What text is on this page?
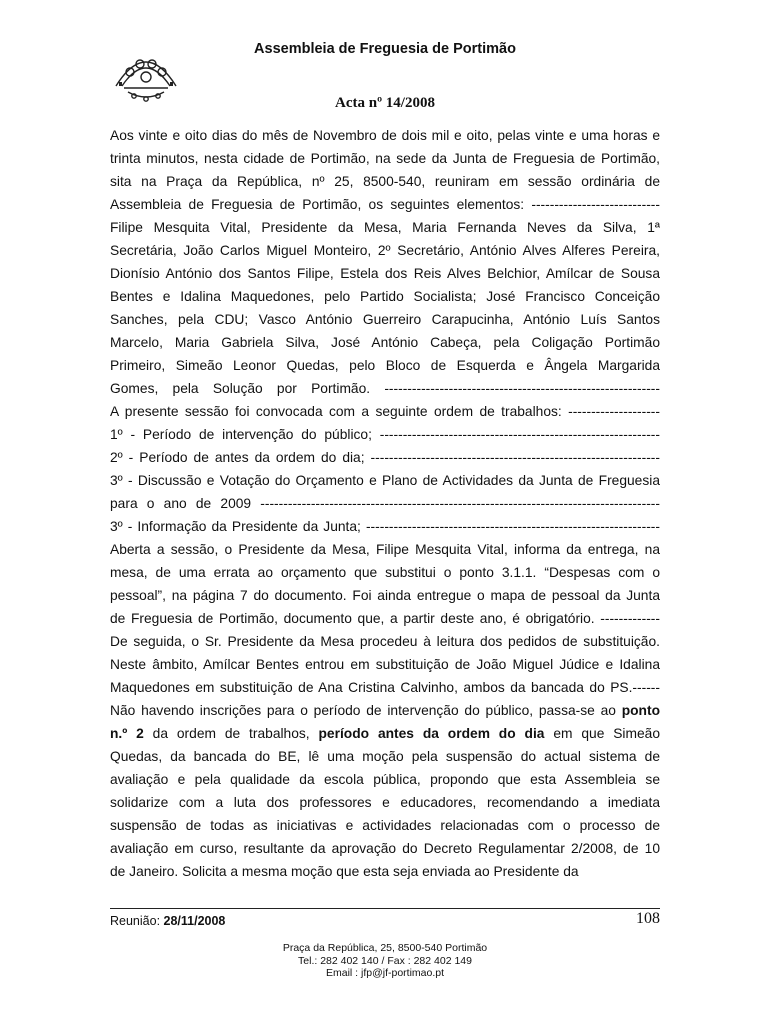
Assembleia de Freguesia de Portimão
Acta nº 14/2008
Aos vinte e oito dias do mês de Novembro de dois mil e oito, pelas vinte e uma horas e
trinta minutos, nesta cidade de Portimão, na sede da Junta de Freguesia de Portimão,
sita na Praça da República, nº 25, 8500-540, reuniram em sessão ordinária de
Assembleia de Freguesia de Portimão, os seguintes elementos: ----------------------------
Filipe Mesquita Vital, Presidente da Mesa, Maria Fernanda Neves da Silva, 1ª
Secretária, João Carlos Miguel Monteiro, 2º Secretário, António Alves Alferes Pereira,
Dionísio António dos Santos Filipe, Estela dos Reis Alves Belchior, Amílcar de Sousa
Bentes e Idalina Maquedones, pelo Partido Socialista; José Francisco Conceição
Sanches, pela CDU; Vasco António Guerreiro Carapucinha, António Luís Santos
Marcelo, Maria Gabriela Silva, José António Cabeça, pela Coligação Portimão
Primeiro, Simeão Leonor Quedas, pelo Bloco de Esquerda e Ângela Margarida
Gomes, pela Solução por Portimão. ------------------------------------------------------------
A presente sessão foi convocada com a seguinte ordem de trabalhos: --------------------
1º - Período de intervenção do público; -------------------------------------------------------------
2º - Período de antes da ordem do dia; ---------------------------------------------------------------
3º - Discussão e Votação do Orçamento e Plano de Actividades da Junta de Freguesia
para o ano de 2009 ---------------------------------------------------------------------------------------
3º - Informação da Presidente da Junta; ----------------------------------------------------------------
Aberta a sessão, o Presidente da Mesa, Filipe Mesquita Vital, informa da entrega, na
mesa, de uma errata ao orçamento que substitui o ponto 3.1.1. “Despesas com o
pessoal”, na página 7 do documento. Foi ainda entregue o mapa de pessoal da Junta
de Freguesia de Portimão, documento que, a partir deste ano, é obrigatório. -------------
De seguida, o Sr. Presidente da Mesa procedeu à leitura dos pedidos de substituição.
Neste âmbito, Amílcar Bentes entrou em substituição de João Miguel Júdice e Idalina
Maquedones em substituição de Ana Cristina Calvinho, ambos da bancada do PS.------
Não havendo inscrições para o período de intervenção do público, passa-se ao ponto
n.º 2 da ordem de trabalhos, período antes da ordem do dia em que Simeão
Quedas, da bancada do BE, lê uma moção pela suspensão do actual sistema de
avaliação e pela qualidade da escola pública, propondo que esta Assembleia se
solidarize com a luta dos professores e educadores, recomendando a imediata
suspensão de todas as iniciativas e actividades relacionadas com o processo de
avaliação em curso, resultante da aprovação do Decreto Regulamentar 2/2008, de 10
de Janeiro. Solicita a mesma moção que esta seja enviada ao Presidente da
Reunião: 28/11/2008	108
Praça da República, 25, 8500-540 Portimão
Tel.: 282 402 140 / Fax : 282 402 149
Email : jfp@jf-portimao.pt
